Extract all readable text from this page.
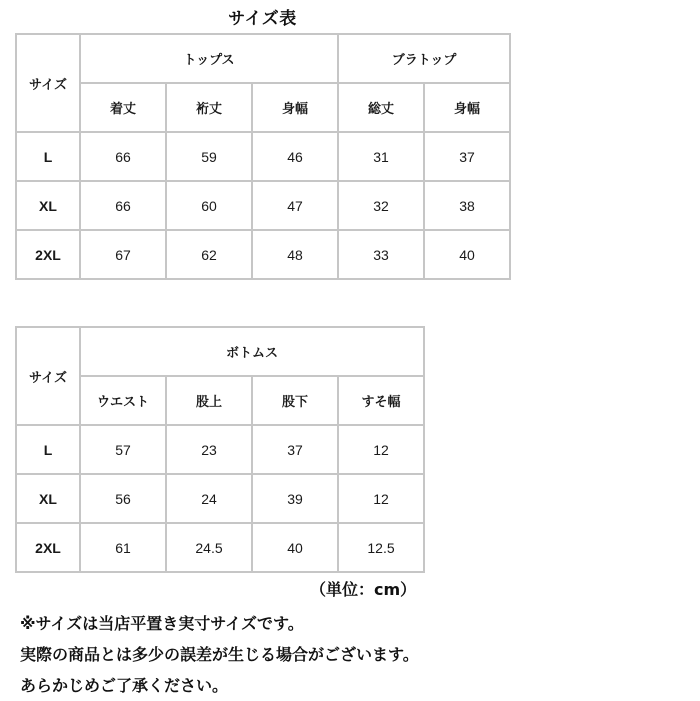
サイズ表
サイズ	トップス			ブラトップ	
	着丈	裄丈	身幅	総丈	身幅
L	66	59	46	31	37
XL	66	60	47	32	38
2XL	67	62	48	33	40
サイズ	ボトムス			
	ウエスト	股上	股下	すそ幅
L	57	23	37	12
XL	56	24	39	12
2XL	61	24.5	40	12.5
（単位：cm）
※サイズは当店平置き実寸サイズです。
実際の商品とは多少の誤差が生じる場合がございます。
あらかじめご了承ください。
